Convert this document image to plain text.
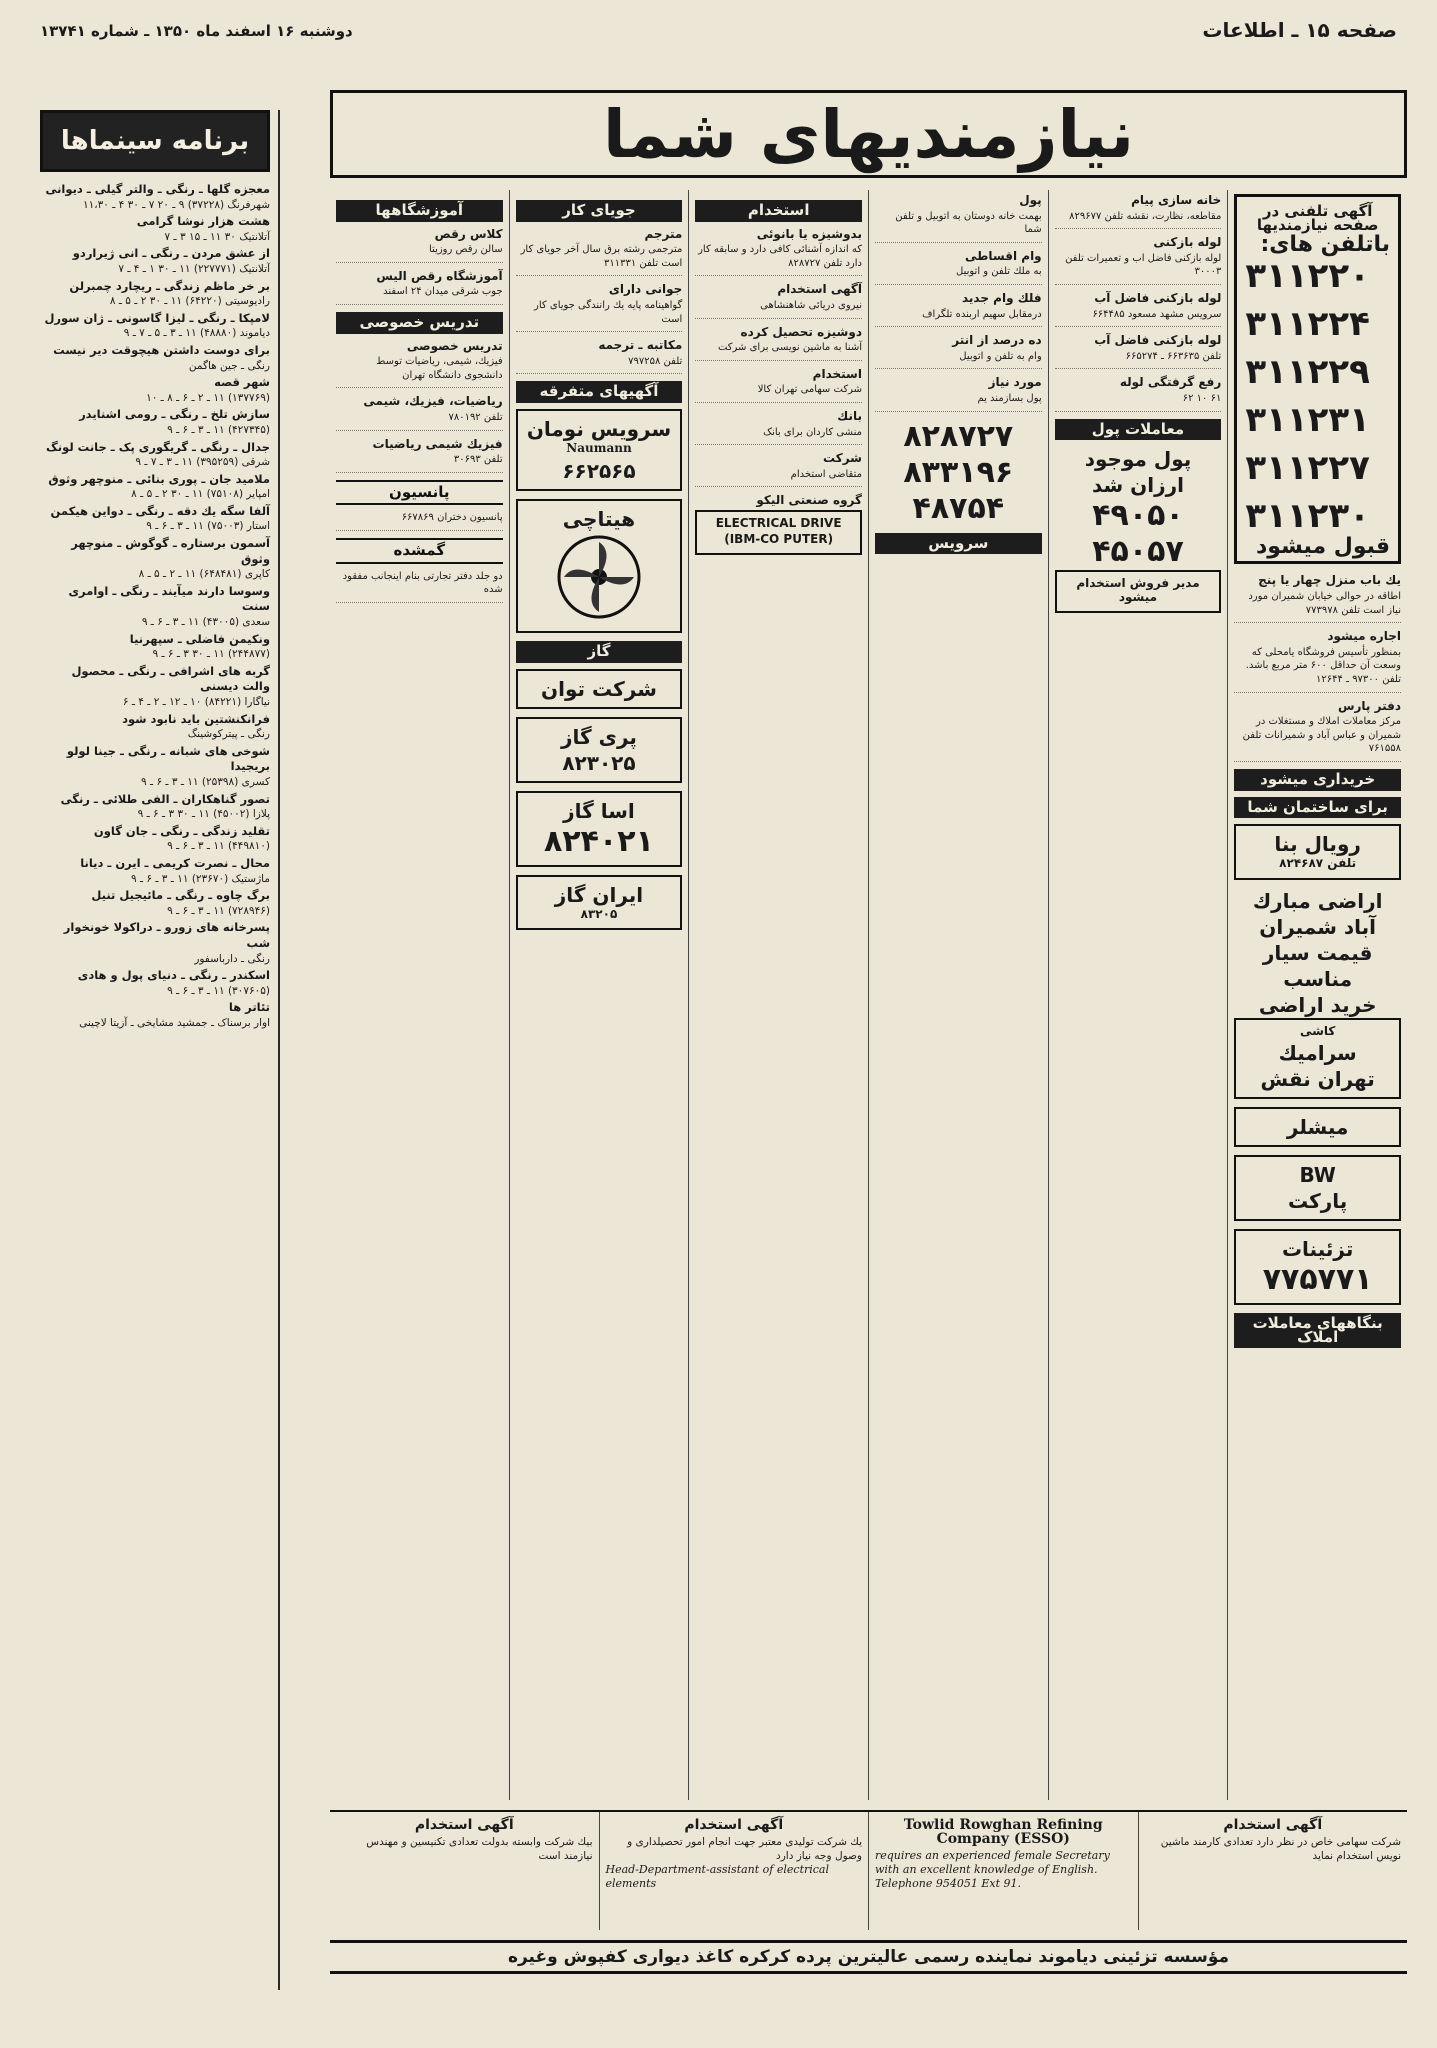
صفحه ۱۵ ـ اطلاعات
دوشنبه ۱۶ اسفند ماه ۱۳۵۰ ـ شماره ۱۳۷۴۱
برنامه سینماها
معجزه گلها ـ رنگی ـ والتر گیلی ـ دیوانی
شهرفرنگ (۳۷۲۲۸) ۹ ـ ۲۰ ۷ ـ ۳۰ ۴ ـ ۱۱،۳۰
هشت هزار نوشا گرامی
آتلانتیک ۳۰ ۱۱ ـ ۱۵ ۳ ـ ۷
از عشق مردن ـ رنگی ـ انی ژیراردو
آتلانتیک (۲۲۷۷۷۱) ۱۱ ـ ۳۰ ۱ ـ ۴ ـ ۷
بر خر ماظم زندگی ـ ریچارد چمبرلن
رادیوسیتی (۶۴۲۲۰) ۱۱ ـ ۳۰ ۲ ـ ۵ ـ ۸
لامپکا ـ رنگی ـ لیزا گاسونی ـ ژان سورل
دیاموند (۴۸۸۸۰) ۱۱ ـ ۳ ـ ۵ ـ ۷ ـ ۹
برای دوست داشتن هیچوقت دیر نیست
رنگی ـ جین هاگمن
شهر قصه
(۱۳۷۷۶۹) ۱۱ ـ ۲ ـ ۶ ـ ۸ ـ ۱۰
سازش تلخ ـ رنگی ـ رومی اشنایدر
(۴۲۷۳۴۵) ۱۱ ـ ۳ ـ ۶ ـ ۹
جدال ـ رنگی ـ گریگوری پک ـ جانت لونگ
شرقی (۳۹۵۲۵۹) ۱۱ ـ ۳ ـ ۷ ـ ۹
ملامید جان ـ پوری بنائی ـ منوچهر وثوق
امپایر (۷۵۱۰۸) ۱۱ ـ ۳۰ ۲ ـ ۵ ـ ۸
آلفا سگه یك دقه ـ رنگی ـ دواین هیکمن
استار (۷۵۰۰۳) ۱۱ ـ ۳ ـ ۶ ـ ۹
آسمون برستاره ـ گوگوش ـ منوچهر وثوق
کاپری (۶۴۸۴۸۱) ۱۱ ـ ۲ ـ ۵ ـ ۸
وسوسا دارند میآیند ـ رنگی ـ اوامری سنت
سعدی (۴۳۰۰۵) ۱۱ ـ ۳ ـ ۶ ـ ۹
ونکیمن فاضلی ـ سپهرنیا
(۲۴۴۸۷۷) ۱۱ ـ ۳۰ ۳ ـ ۶ ـ ۹
گربه های اشرافی ـ رنگی ـ محصول والت دیسنی
نیاگارا (۸۴۲۲۱) ۱۰ ـ ۱۲ ـ ۲ ـ ۴ ـ ۶
فرانکنشتین باید نابود شود
رنگی ـ پیترکوشینگ
شوخی های شبانه ـ رنگی ـ جینا لولو بریجیدا
کسری (۲۵۳۹۸) ۱۱ ـ ۳ ـ ۶ ـ ۹
تصور گناهکاران ـ الفی طلائی ـ رنگی
پلازا (۴۵۰۰۲) ۱۱ ـ ۳۰ ۳ ـ ۶ ـ ۹
تقلید زندگی ـ رنگی ـ جان گاون
(۴۴۹۸۱۰) ۱۱ ـ ۳ ـ ۶ ـ ۹
محال ـ نصرت کریمی ـ ایرن ـ دیانا
ماژستیک (۲۳۶۷۰) ۱۱ ـ ۳ ـ ۶ ـ ۹
برگ چاوه ـ رنگی ـ مائیجیل تنیل
(۷۲۸۹۴۶) ۱۱ ـ ۳ ـ ۶ ـ ۹
پسرخانه های زورو ـ دراکولا خونخوار شب
رنگی ـ دارباسفور
اسکندر ـ رنگی ـ دنیای پول و هادی
(۳۰۷۶۰۵) ۱۱ ـ ۳ ـ ۶ ـ ۹
تئاتر ها
اوار برسناک ـ جمشید مشایخی ـ آزیتا لاچینی
نیازمندیهای شما
آگهی تلفنی در صفحه نیازمندیها
باتلفن های:
۳۱۱۲۲۰
۳۱۱۲۲۴
۳۱۱۲۲۹
۳۱۱۲۳۱
۳۱۱۲۲۷
۳۱۱۲۳۰
قبول میشود
یك باب منزل چهار یا پنج
اطاقه در حوالی خیابان شمیران مورد نیاز است تلفن ۷۷۳۹۷۸
اجاره میشود
بمنظور تأسیس فروشگاه یامحلی که وسعت آن حداقل ۶۰۰ متر مربع باشد. تلفن ۹۷۳۰۰ ـ ۱۲۶۴۴
دفتر پارس
مرکز معاملات املاك و مستغلات در شمیران و عباس آباد و شمیرانات تلفن ۷۶۱۵۵۸
خریداری میشود
برای ساختمان شما
رویال بنا
تلفن ۸۲۴۶۸۷
اراضی مبارك آباد شمیران قیمت سیار مناسب
خرید اراضی
کاشی
سرامیك
تهران نقش
میشلر
BW
پارکت
تزئینات
۷۷۵۷۷۱
بنگاههای معاملات املاک
خانه سازی پیام
مقاطعه، نظارت، نقشه تلفن ۸۲۹۶۷۷
لوله بازکنی
لوله بازکنی فاضل اب و تعمیرات تلفن ۳۰۰۰۳
لوله بازکنی فاضل آب
سرویس مشهد مسعود ۶۶۴۴۸۵
لوله بازکنی فاضل آب
تلفن ۶۶۳۶۳۵ ـ ۶۶۵۲۷۴
رفع گرفتگی لوله
۶۱ ۱۰ ۶۲
معاملات پول
پول موجود
ارزان شد
۴۹۰۵۰
۴۵۰۵۷
مدیر فروش استخدام میشود
پول
بهمت خانه دوستان به اتوبیل و تلفن شما
وام اقساطی
به ملك تلفن و اتوبیل
فلك وام جدید
درمقابل سهیم اربنده تلگراف
ده درصد از انتر
وام به تلفن و اتوبیل
مورد نیاز
پول بسازمند یم
۸۲۸۷۲۷
۸۳۳۱۹۶
۴۸۷۵۴
سرویس
استخدام
بدوشیزه یا بانوئی
که اندازه آشنائی کافی دارد و سابقه کار دارد تلفن ۸۲۸۷۲۷
آگهی استخدام
نیروی دریائی شاهنشاهی
دوشیزه تحصیل کرده
آشنا به ماشین نویسی برای شرکت
استخدام
شرکت سهامی تهران کالا
بانك
منشی کاردان برای بانک
شرکت
متقاضی استخدام
گروه صنعتی الیکو
ELECTRICAL DRIVE
(IBM-CO PUTER)
جویای کار
مترجم
مترجمی رشته برق سال آخر جویای کار است تلفن ۳۱۱۳۳۱
جوانی دارای
گواهینامه پایه یك رانندگی جویای کار است
مکاتبه ـ ترجمه
تلفن ۷۹۷۲۵۸
آگهیهای متفرقه
سرویس نومان
Naumann
۶۶۲۵۶۵
هیتاچی
گاز
شرکت توان
پری گاز
۸۲۳۰۲۵
اسا گاز
۸۲۴۰۲۱
ایران گاز
۸۳۲۰۵
آموزشگاهها
کلاس رقص
سالن رقص روزیتا
آموزشگاه رقص الیس
جوب شرقی میدان ۲۴ اسفند
تدریس خصوصی
تدریس خصوصی
فیزیك، شیمی، ریاضیات توسط دانشجوی دانشگاه تهران
ریاضیات، فیزیك، شیمی
تلفن ۷۸۰۱۹۲
فیزیك شیمی ریاضیات
تلفن ۳۰۶۹۳
پانسیون
پانسیون دختران ۶۶۷۸۶۹
گمشده
دو جلد دفتر تجارتی بنام اینجانب مفقود شده
آگهی استخدام
شرکت سهامی خاص در نظر دارد تعدادی کارمند ماشین نویس استخدام نماید
Towlid Rowghan Refining Company (ESSO)
requires an experienced female Secretary with an excellent knowledge of English. Telephone 954051 Ext 91.
آگهی استخدام
يك شرکت تولیدی معتبر جهت انجام امور تحصیلداری و وصول وجه نیاز دارد
Head-Department-assistant of electrical elements
آگهی استخدام
بیك شرکت وابسته بدولت تعدادی تکنیسین و مهندس نیازمند است
مؤسسه تزئینی دیاموند نماینده رسمی عالیترین پرده کرکره کاغذ دیواری کفپوش وغیره
